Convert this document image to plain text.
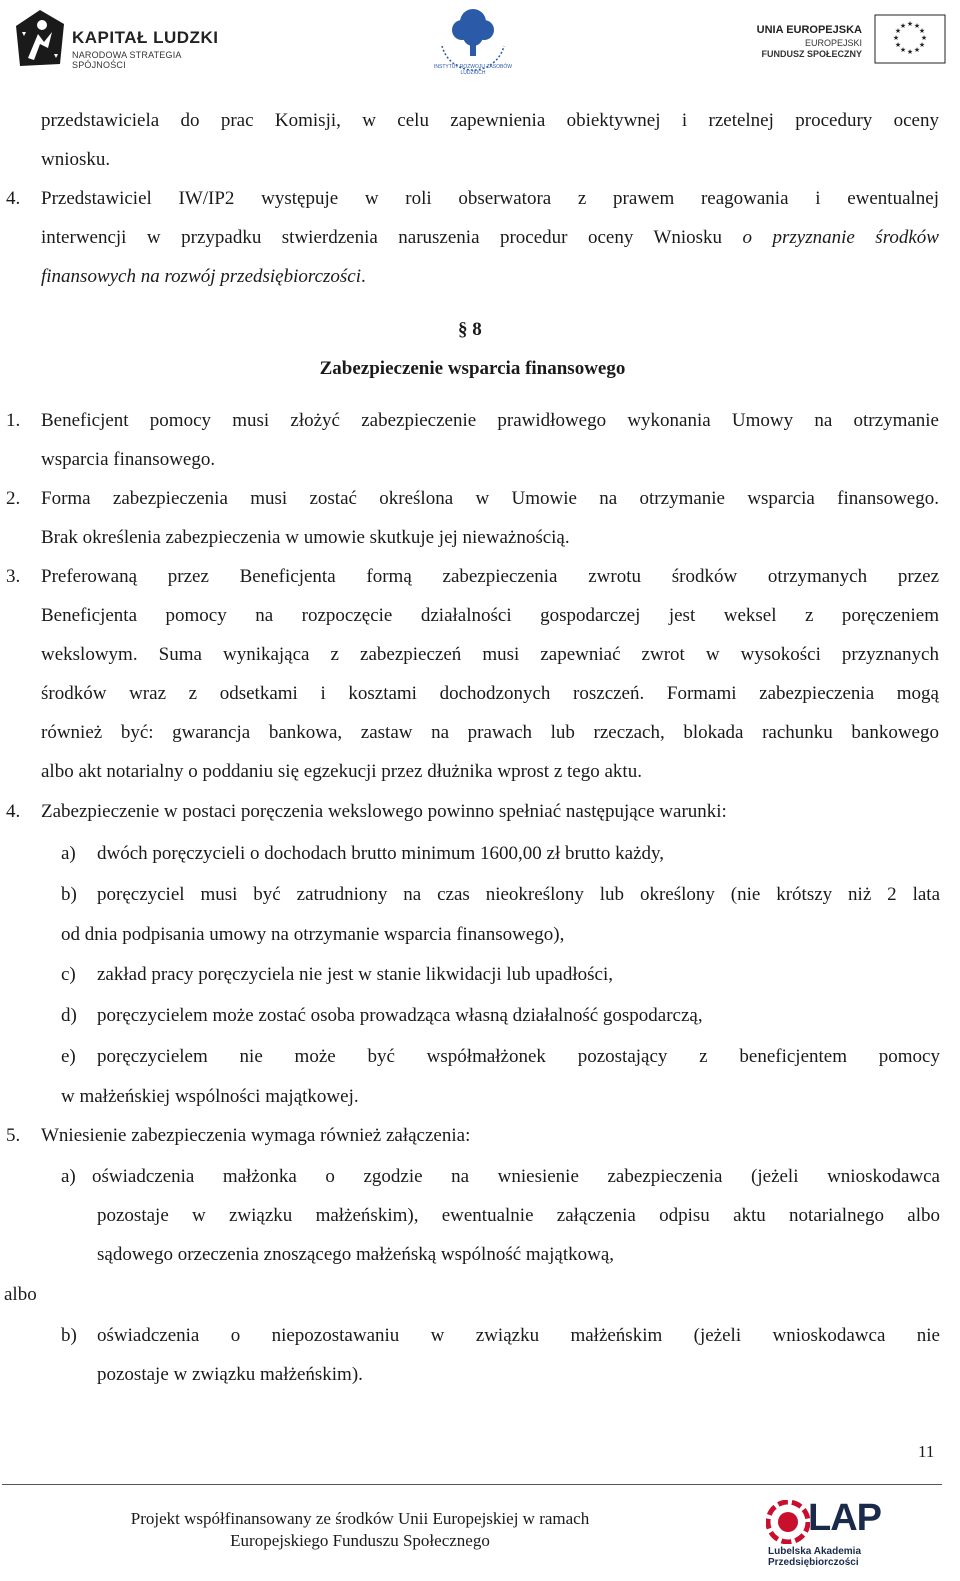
KAPITAŁ LUDZKI
NARODOWA STRATEGIA SPÓJNOŚCI	INSTYTUT ROZWOJU ZASOBÓW LUDZKICH
UNIA EUROPEJSKA
EUROPEJSKI
FUNDUSZ SPOŁECZNY
★ ★
★
★
★
★
★
★
★
★
★
★
przedstawiciela do prac Komisji, w celu zapewnienia obiektywnej i rzetelnej procedury oceny
wniosku.
4. Przedstawiciel IW/IP2 występuje w roli obserwatora z prawem reagowania i ewentualnej
interwencji w przypadku stwierdzenia naruszenia procedur oceny Wniosku o przyznanie środków
finansowych na rozwój przedsiębiorczości.
§ 8
Zabezpieczenie wsparcia finansowego
1. Beneficjent pomocy musi złożyć zabezpieczenie prawidłowego wykonania Umowy na otrzymanie
wsparcia finansowego.
2. Forma zabezpieczenia musi zostać określona w Umowie na otrzymanie wsparcia finansowego.
Brak określenia zabezpieczenia w umowie skutkuje jej nieważnością.
3. Preferowaną przez Beneficjenta formą zabezpieczenia zwrotu środków otrzymanych przez
Beneficjenta pomocy na rozpoczęcie działalności gospodarczej jest weksel z poręczeniem
wekslowym. Suma wynikająca z zabezpieczeń musi zapewniać zwrot w wysokości przyznanych
środków wraz z odsetkami i kosztami dochodzonych roszczeń. Formami zabezpieczenia mogą
również być: gwarancja bankowa, zastaw na prawach lub rzeczach, blokada rachunku bankowego
albo akt notarialny o poddaniu się egzekucji przez dłużnika wprost z tego aktu.
4. Zabezpieczenie w postaci poręczenia wekslowego powinno spełniać następujące warunki:
a) dwóch poręczycieli o dochodach brutto minimum 1600,00 zł brutto każdy,
b) poręczyciel musi być zatrudniony na czas nieokreślony lub określony (nie krótszy niż 2 lata
od dnia podpisania umowy na otrzymanie wsparcia finansowego),
c) zakład pracy poręczyciela nie jest w stanie likwidacji lub upadłości,
d) poręczycielem może zostać osoba prowadząca własną działalność gospodarczą,
e) poręczycielem nie może być współmałżonek pozostający z beneficjentem pomocy
w małżeńskiej wspólności majątkowej.
5. Wniesienie zabezpieczenia wymaga również załączenia:
a) oświadczenia małżonka o zgodzie na wniesienie zabezpieczenia (jeżeli wnioskodawca
pozostaje w związku małżeńskim), ewentualnie załączenia odpisu aktu notarialnego albo
sądowego orzeczenia znoszącego małżeńską wspólność majątkową,
albo
b) oświadczenia o niepozostawaniu w związku małżeńskim (jeżeli wnioskodawca nie
pozostaje w związku małżeńskim).
11
Projekt współfinansowany ze środków Unii Europejskiej w ramach
Europejskiego Funduszu Społecznego
LAP
Lubelska Akademia
Przedsiębiorczości
